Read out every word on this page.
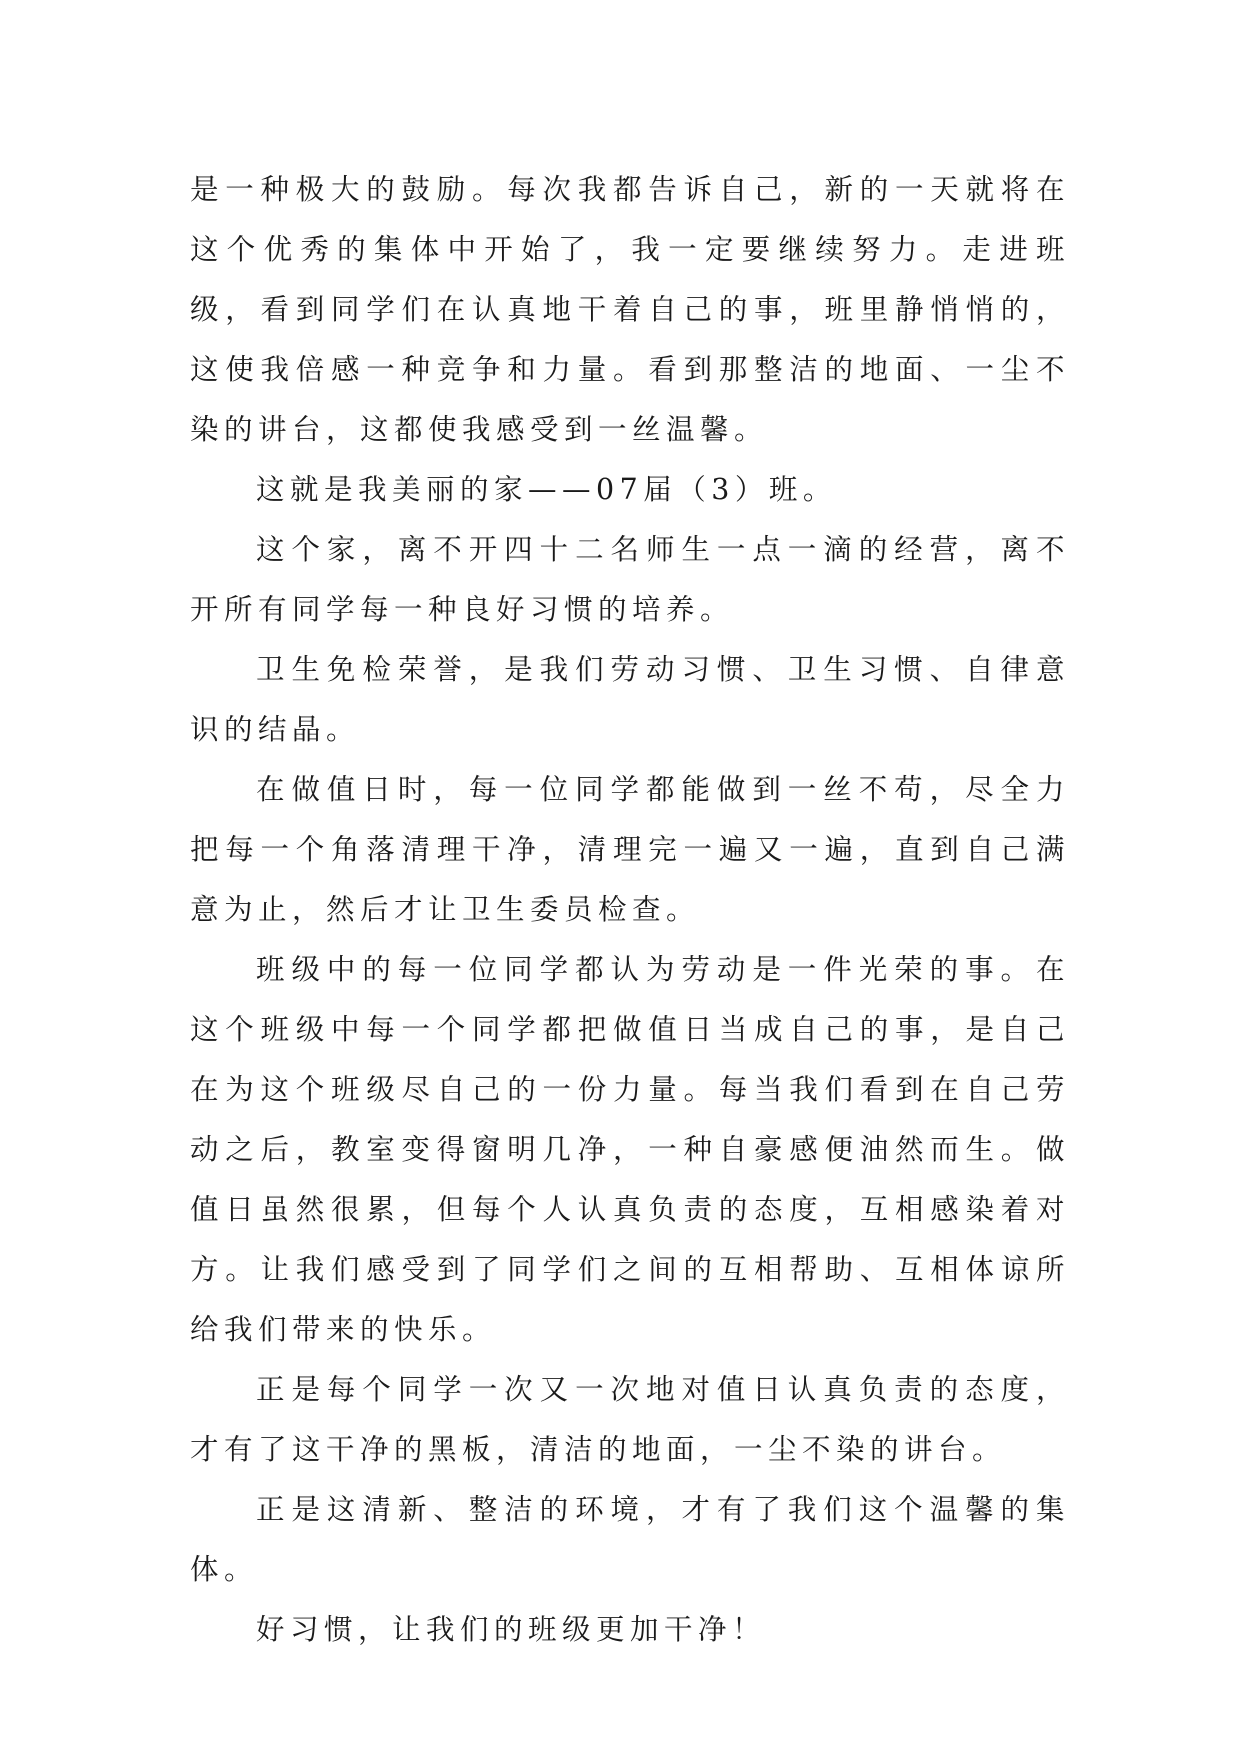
是一种极大的鼓励。每次我都告诉自己，新的一天就将在这个优秀的集体中开始了，我一定要继续努力。走进班级，看到同学们在认真地干着自己的事，班里静悄悄的，这使我倍感一种竞争和力量。看到那整洁的地面、一尘不染的讲台，这都使我感受到一丝温馨。

这就是我美丽的家——07届（3）班。

这个家，离不开四十二名师生一点一滴的经营，离不开所有同学每一种良好习惯的培养。

卫生免检荣誉，是我们劳动习惯、卫生习惯、自律意识的结晶。

在做值日时，每一位同学都能做到一丝不苟，尽全力把每一个角落清理干净，清理完一遍又一遍，直到自己满意为止，然后才让卫生委员检查。

班级中的每一位同学都认为劳动是一件光荣的事。在这个班级中每一个同学都把做值日当成自己的事，是自己在为这个班级尽自己的一份力量。每当我们看到在自己劳动之后，教室变得窗明几净，一种自豪感便油然而生。做值日虽然很累，但每个人认真负责的态度，互相感染着对方。让我们感受到了同学们之间的互相帮助、互相体谅所给我们带来的快乐。

正是每个同学一次又一次地对值日认真负责的态度，才有了这干净的黑板，清洁的地面，一尘不染的讲台。

正是这清新、整洁的环境，才有了我们这个温馨的集体。

好习惯，让我们的班级更加干净！
